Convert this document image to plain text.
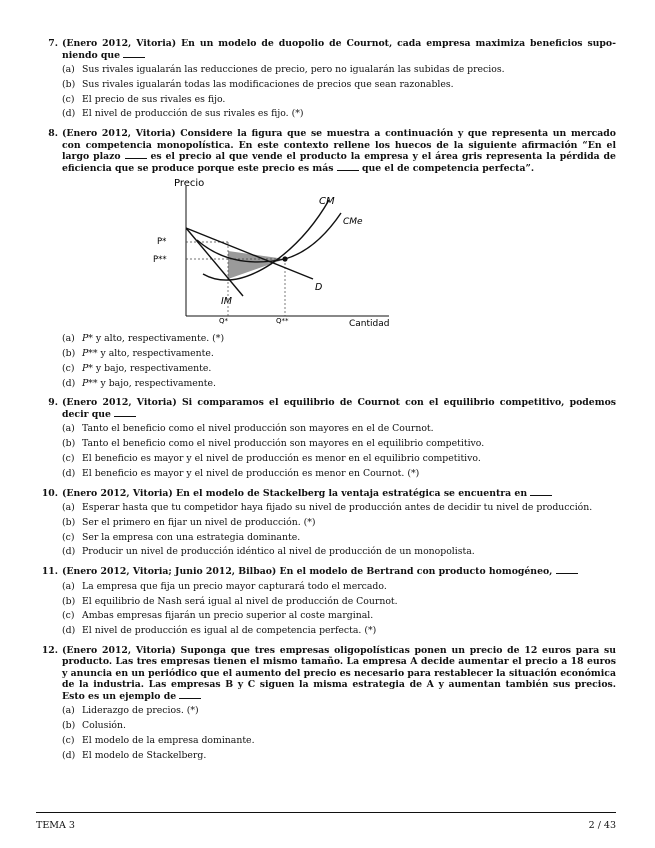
7. (Enero 2012, Vitoria) En un modelo de duopolio de Cournot, cada empresa maximiza beneficios supo-niendo que
(a) Sus rivales igualarán las reducciones de precio, pero no igualarán las subidas de precios.
(b) Sus rivales igualarán todas las modificaciones de precios que sean razonables.
(c) El precio de sus rivales es fijo.
(d) El nivel de producción de sus rivales es fijo. (*)
8. (Enero 2012, Vitoria) Considere la figura que se muestra a continuación y que representa un mercado con competencia monopolística. En este contexto rellene los huecos de la siguiente afirmación “En el largo plazo	es el precio al que vende el producto la empresa y el área gris representa la pérdida de eficiencia que se produce porque este precio es más	que el de competencia perfecta”.
Precio
Cantidad
P*
P**
Q*	Q**
CM
CMe
D
IM
(a) P* y alto, respectivamente. (*)
(b) P** y alto, respectivamente.
(c) P* y bajo, respectivamente.
(d) P** y bajo, respectivamente.
9. (Enero 2012, Vitoria) Si comparamos el equilibrio de Cournot con el equilibrio competitivo, podemos decir que
(a) Tanto el beneficio como el nivel producción son mayores en el de Cournot.
(b) Tanto el beneficio como el nivel producción son mayores en el equilibrio competitivo.
(c) El beneficio es mayor y el nivel de producción es menor en el equilibrio competitivo.
(d) El beneficio es mayor y el nivel de producción es menor en Cournot. (*)
10. (Enero 2012, Vitoria) En el modelo de Stackelberg la ventaja estratégica se encuentra en
(a) Esperar hasta que tu competidor haya fijado su nivel de producción antes de decidir tu nivel de producción.
(b) Ser el primero en fijar un nivel de producción. (*)
(c) Ser la empresa con una estrategia dominante.
(d) Producir un nivel de producción idéntico al nivel de producción de un monopolista.
11. (Enero 2012, Vitoria; Junio 2012, Bilbao) En el modelo de Bertrand con producto homogéneo,
(a) La empresa que fija un precio mayor capturará todo el mercado.
(b) El equilibrio de Nash será igual al nivel de producción de Cournot.
(c) Ambas empresas fijarán un precio superior al coste marginal.
(d) El nivel de producción es igual al de competencia perfecta. (*)
12. (Enero 2012, Vitoria) Suponga que tres empresas oligopolísticas ponen un precio de 12 euros para su producto. Las tres empresas tienen el mismo tamaño. La empresa A decide aumentar el precio a 18 euros y anuncia en un periódico que el aumento del precio es necesario para restablecer la situación económica de la industria. Las empresas B y C siguen la misma estrategia de A y aumentan también sus precios. Esto es un ejemplo de
(a) Liderazgo de precios. (*)
(b) Colusión.
(c) El modelo de la empresa dominante.
(d) El modelo de Stackelberg.
TEMA 3	2 / 43
